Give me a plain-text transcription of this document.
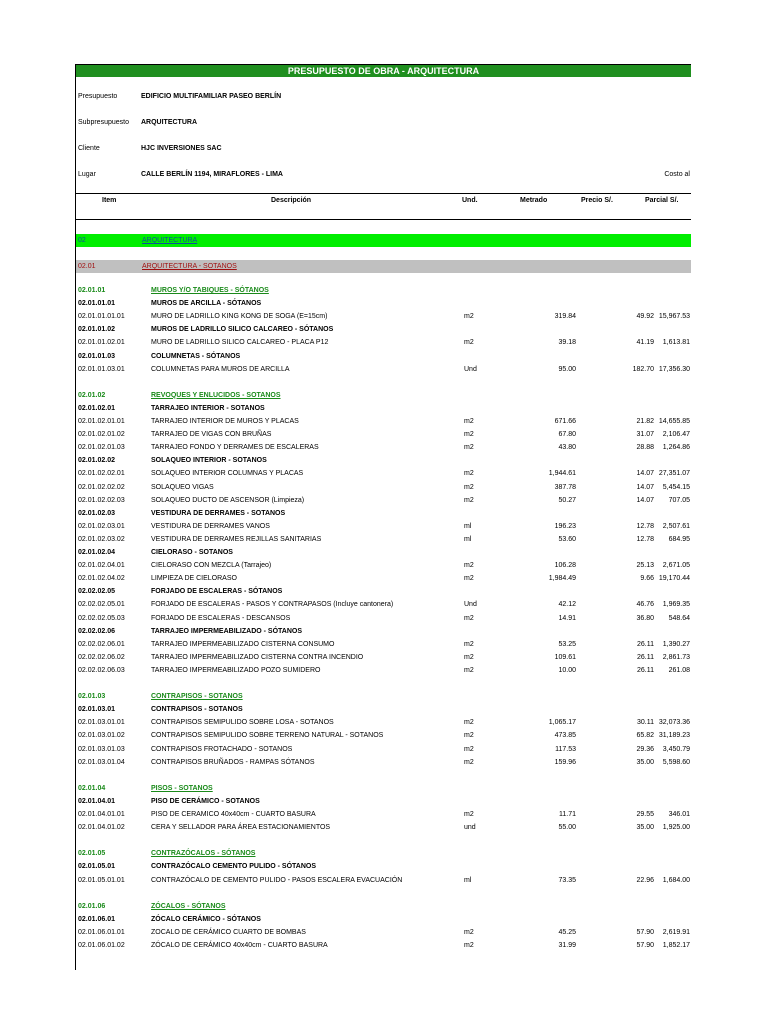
PRESUPUESTO DE OBRA - ARQUITECTURA
Presupuesto	EDIFICIO MULTIFAMILIAR PASEO BERLÍN
Subpresupuesto	ARQUITECTURA
Cliente	HJC INVERSIONES SAC
Lugar	CALLE BERLÍN 1194, MIRAFLORES - LIMA	Costo al
Item	Descripción	Und.	Metrado	Precio S/.	Parcial S/.
02	ARQUITECTURA
02.01	ARQUITECTURA - SOTANOS
02.01.01	MUROS Y/O TABIQUES - SÓTANOS
02.01.01.01	MUROS DE ARCILLA - SÓTANOS
02.01.01.01.01	MURO DE LADRILLO KING KONG DE SOGA (E=15cm)	m2	319.84	49.92 15,967.53
02.01.01.02	MUROS DE LADRILLO SILICO CALCAREO - SÓTANOS
02.01.01.02.01	MURO DE LADRILLO SILICO CALCAREO - PLACA P12	m2	39.18	41.19	1,613.81
02.01.01.03	COLUMNETAS - SÓTANOS
02.01.01.03.01	COLUMNETAS PARA MUROS DE ARCILLA	Und	95.00	182.70 17,356.30
02.01.02	REVOQUES Y ENLUCIDOS - SOTANOS
02.01.02.01	TARRAJEO INTERIOR - SOTANOS
02.01.02.01.01	TARRAJEO INTERIOR DE MUROS Y PLACAS	m2	671.66	21.82 14,655.85
02.01.02.01.02	TARRAJEO DE VIGAS CON BRUÑAS	m2	67.80	31.07	2,106.47
02.01.02.01.03	TARRAJEO FONDO Y DERRAMES DE ESCALERAS	m2	43.80	28.88	1,264.86
02.01.02.02	SOLAQUEO INTERIOR - SOTANOS
02.01.02.02.01	SOLAQUEO INTERIOR COLUMNAS Y PLACAS	m2	1,944.61	14.07 27,351.07
02.01.02.02.02	SOLAQUEO VIGAS	m2	387.78	14.07	5,454.15
02.01.02.02.03	SOLAQUEO DUCTO DE ASCENSOR (Limpieza)	m2	50.27	14.07	707.05
02.01.02.03	VESTIDURA DE DERRAMES - SOTANOS
02.01.02.03.01	VESTIDURA DE DERRAMES VANOS	ml	196.23	12.78	2,507.61
02.01.02.03.02	VESTIDURA DE DERRAMES REJILLAS SANITARIAS	ml	53.60	12.78	684.95
02.01.02.04	CIELORASO - SOTANOS
02.01.02.04.01	CIELORASO CON MEZCLA (Tarrajeo)	m2	106.28	25.13	2,671.05
02.01.02.04.02	LIMPIEZA DE CIELORASO	m2	1,984.49	9.66 19,170.44
02.02.02.05	FORJADO DE ESCALERAS - SÓTANOS
02.02.02.05.01	FORJADO DE ESCALERAS - PASOS Y CONTRAPASOS (Incluye cantonera)	Und	42.12	46.76	1,969.35
02.02.02.05.03	FORJADO DE ESCALERAS - DESCANSOS	m2	14.91	36.80	548.64
02.02.02.06	TARRAJEO IMPERMEABILIZADO - SÓTANOS
02.02.02.06.01	TARRAJEO IMPERMEABILIZADO CISTERNA CONSUMO	m2	53.25	26.11	1,390.27
02.02.02.06.02	TARRAJEO IMPERMEABILIZADO CISTERNA CONTRA INCENDIO	m2	109.61	26.11	2,861.73
02.02.02.06.03	TARRAJEO IMPERMEABILIZADO POZO SUMIDERO	m2	10.00	26.11	261.08
02.01.03	CONTRAPISOS - SOTANOS
02.01.03.01	CONTRAPISOS - SOTANOS
02.01.03.01.01	CONTRAPISOS SEMIPULIDO SOBRE LOSA - SOTANOS	m2	1,065.17	30.11 32,073.36
02.01.03.01.02	CONTRAPISOS SEMIPULIDO SOBRE TERRENO NATURAL - SOTANOS	m2	473.85	65.82 31,189.23
02.01.03.01.03	CONTRAPISOS FROTACHADO - SOTANOS	m2	117.53	29.36	3,450.79
02.01.03.01.04	CONTRAPISOS BRUÑADOS - RAMPAS SÓTANOS	m2	159.96	35.00	5,598.60
02.01.04	PISOS - SOTANOS
02.01.04.01	PISO DE CERÁMICO - SOTANOS
02.01.04.01.01	PISO DE CERAMICO 40x40cm - CUARTO BASURA	m2	11.71	29.55	346.01
02.01.04.01.02	CERA Y SELLADOR PARA ÁREA ESTACIONAMIENTOS	und	55.00	35.00	1,925.00
02.01.05	CONTRAZÓCALOS - SÓTANOS
02.01.05.01	CONTRAZÓCALO CEMENTO PULIDO - SÓTANOS
02.01.05.01.01	CONTRAZÓCALO DE CEMENTO PULIDO - PASOS ESCALERA EVACUACIÓN	ml	73.35	22.96	1,684.00
02.01.06	ZÓCALOS - SÓTANOS
02.01.06.01	ZÓCALO CERÁMICO - SÓTANOS
02.01.06.01.01	ZOCALO DE CERÁMICO CUARTO DE BOMBAS	m2	45.25	57.90	2,619.91
02.01.06.01.02	ZÓCALO DE CERÁMICO 40x40cm - CUARTO BASURA	m2	31.99	57.90	1,852.17
